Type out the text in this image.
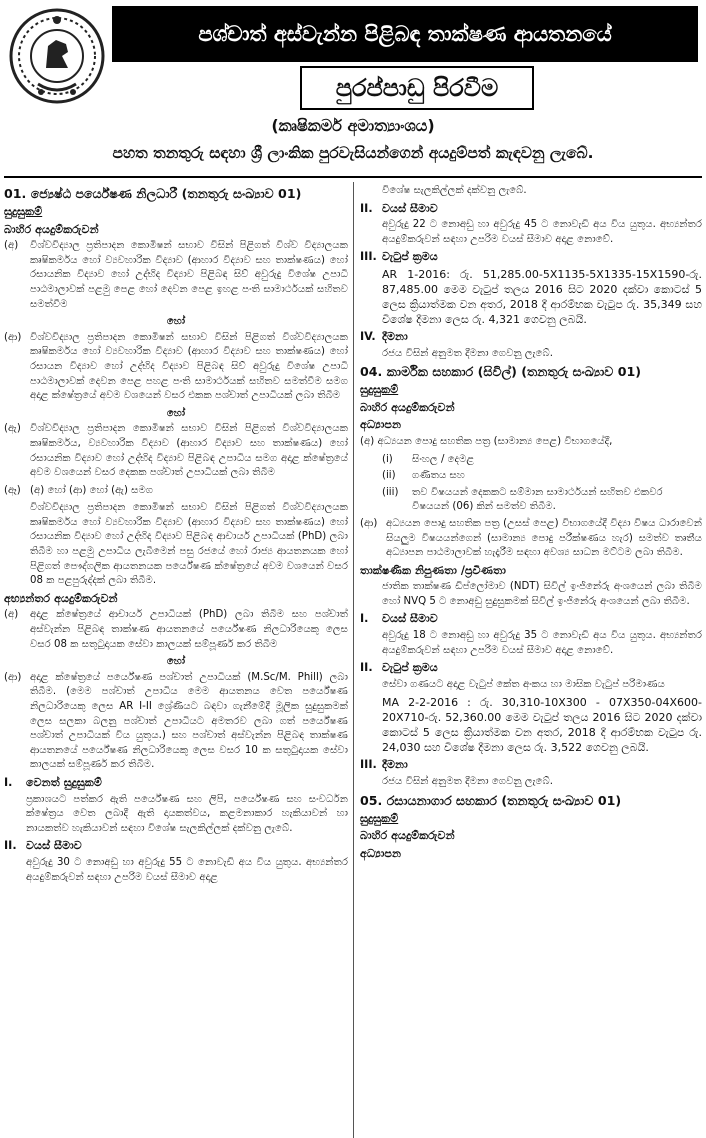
පශ්චාත් අස්වැන්න පිළිබඳ තාක්ෂණ ආයතනයේ
පුරප්පාඩු පිරවීම
(කෘෂිකර්ම අමාත්‍යාංශය)
පහත තනතුරු සඳහා ශ්‍රී ලාංකික පුරවැසියන්ගෙන් අයදුම්පත් කැඳවනු ලැබේ.
01. ජ්‍යෙෂ්ඨ පර්යේෂණ නිලධාරී (තනතුරු සංඛ්‍යාව 01)
සුදුසුකම්
බාහිර අයදුම්කරුවන්
(අ)	විශ්වවිද්‍යාල ප්‍රතිපාදන කොමිෂන් සභාව විසින් පිළිගත් විශ්ව විද්‍යාලයක කෘෂිකර්මය හෝ ව්‍යවහාරික විද්‍යාව (ආහාර විද්‍යාව සහ තාක්ෂණය) හෝ රසායනික විද්‍යාව හෝ උද්භිද විද්‍යාව පිළිබඳ සිව් අවුරුදු විශේෂ උපාධි පාඨමාලාවක් පළමු පෙළ හෝ දෙවන පෙළ ඉහළ පංති සාමාර්ථයක් සහිතව සමත්වීම
හෝ
(ආ) විශ්වවිද්‍යාල ප්‍රතිපාදන කොමිෂන් සභාව විසින් පිළිගත් විශ්වවිද්‍යාලයක කෘෂිකර්මය හෝ ව්‍යවහාරික විද්‍යාව (ආහාර විද්‍යාව සහ තාක්ෂණය) හෝ රසායන විද්‍යාව හෝ උද්භිද විද්‍යාව පිළිබඳ සිව් අවුරුදු විශේෂ උපාධි පාඨමාලාවක් දෙවන පෙළ පහළ පංති සාමාර්ථයක් සහිතව සමත්වීම සමග අදාළ ක්ෂේත්‍රයේ අවම වශයෙන් වසර එකක පශ්චාත් උපාධියක් ලබා තිබීම
හෝ
(ඇ) විශ්වවිද්‍යාල ප්‍රතිපාදන කොමිෂන් සභාව විසින් පිළිගත් විශ්වවිද්‍යාලයක කෘෂිකර්මය, ව්‍යවහාරික විද්‍යාව (ආහාර විද්‍යාව සහ තාක්ෂණය) හෝ රසායනික විද්‍යාව හෝ උද්භිද විද්‍යාව පිළිබඳ උපාධිය සමග අදාළ ක්ෂේත්‍රයේ අවම වශයෙන් වසර දෙකක පශ්චාත් උපාධියක් ලබා තිබීම
(ඈ) (අ) හෝ (ආ) හෝ (ඇ) සමග
විශ්වවිද්‍යාල ප්‍රතිපාදන කොමිෂන් සභාව විසින් පිළිගත් විශ්වවිද්‍යාලයක කෘෂිකර්මය හෝ ව්‍යවහාරික විද්‍යාව (ආහාර විද්‍යාව සහ තාක්ෂණය) හෝ රසායනික විද්‍යාව හෝ උද්භිද විද්‍යාව පිළිබඳ ආචාර්ය උපාධියක් (PhD) ලබා තිබීම හා පළමු උපාධිය ලැබීමෙන් පසු රජයේ හෝ රාජ්‍ය ආයතනයක හෝ පිළිගත් පෞද්ගලික ආයතනයක පර්යේෂණ ක්ෂේත්‍රයේ අවම වශයෙන් වසර 08 ක පළපුරුද්දක් ලබා තිබීම.
අභ්‍යන්තර අයදුම්කරුවන්
(අ)	අදාළ ක්ෂේත්‍රයේ ආචාර්ය උපාධියක් (PhD) ලබා තිබීම සහ පශ්චාත් අස්වැන්න පිළිබඳ තාක්ෂණ ආයතනයේ පර්යේෂණ නිලධාරියෙකු ලෙස වසර 08 ක සතුටුදායක සේවා කාලයක් සම්පූර්ණ කර තිබීම
හෝ
(ආ) අදාළ ක්ෂේත්‍රයේ පර්යේෂණ පශ්චාත් උපාධියක් (M.Sc/M. Phill) ලබා තිබීම. (මෙම පශ්චාත් උපාධිය මෙම ආයතනය වෙත පර්යේෂණ නිලධාරියෙකු ලෙස AR I-II ශ්‍රේණියට බඳවා ගැනීමේදී මූලික සුදුසුකමක් ලෙස සලකා බලනු පශ්චාත් උපාධියට අමතරව ලබා ගත් පර්යේෂණ පශ්චාත් උපාධියක් විය යුතුය.) සහ පශ්චාත් අස්වැන්න පිළිබඳ තාක්ෂණ ආයතනයේ පර්යේෂණ නිලධාරියෙකු ලෙස වසර 10 ක සතුටුදායක සේවා කාලයක් සම්පූර්ණ කර තිබීම.
I.	වෙනත් සුදුසුකම්
ප්‍රකාශයට පත්කර ඇති පර්යේෂණ සහ ලිපි, පර්යේෂණ සහ සංවර්ධන ක්ෂේත්‍රය වෙත ලබාදී ඇති දායකත්වය, කළමනාකාර හැකියාවන් හා නායකත්ව හැකියාවන් සඳහා විශේෂ සැලකිල්ලක් දක්වනු ලැබේ.
II. වයස් සීමාව
අවුරුදු 30 ට නොඅඩු හා අවුරුදු 55 ට නොවැඩි අය විය යුතුය. අභ්‍යන්තර අයදුම්කරුවන් සඳහා උපරිම වයස් සීමාව අදාළ
විශේෂ සැලකිල්ලක් දක්වනු ලැබේ.
II. වයස් සීමාව
අවුරුදු 22 ට නොඅඩු හා අවුරුදු 45 ට නොවැඩි අය විය යුතුය. අභ්‍යන්තර අයදුම්කරුවන් සඳහා උපරිම වයස් සීමාව අදාළ නොවේ.
III. වැටුප් ක්‍රමය
AR 1-2016: රු. 51,285.00-5X1135-5X1335-15X1590-රු. 87,485.00 මෙම වැටුප් තලය 2016 සිට 2020 දක්වා කොටස් 5 ලෙස ක්‍රියාත්මක වන අතර, 2018 දී ආරම්භක වැටුප රු. 35,349 සහ විශේෂ දීමනා ලෙස රු. 4,321 ගෙවනු ලබයි.
IV. දීමනා
රජය විසින් අනුමත දීමනා ගෙවනු ලැබේ.
04. කාර්මික සහකාර (සිවිල්) (තනතුරු සංඛ්‍යාව 01)
සුදුසුකම්
බාහිර අයදුම්කරුවන්
අධ්‍යාපන
(අ) අධ්‍යයන පොදු සහතික පත්‍ර (සාමාන්‍ය පෙළ) විභාගයේදී,
(i)	සිංහල / දෙමළ
(ii)	ගණිතය සහ
(iii)	තව විෂයයන් දෙකකට සම්මාන සාමාර්ථයන් සහිතව එකවර විෂයයන් (06) කින් සමත්ව තිබීම.
(ආ) අධ්‍යයන පොදු සහතික පත්‍ර (උසස් පෙළ) විභාගයේදී විද්‍යා විෂය ධාරාවෙන් සියලුම විෂයයන්ගෙන් (සාමාන්‍ය පොදු පරීක්ෂණය හැර) සමත්ව තෘතීය අධ්‍යාපන පාඨමාලාවක් හැදෑරීම සඳහා අවශ්‍ය සාධන මට්ටම ලබා තිබීම.
තාක්ෂණික නිපුණතා /ප්‍රවීණතා
ජාතික තාක්ෂණ ඩිප්ලෝමාව (NDT) සිවිල් ඉංජිනේරු අංශයෙන් ලබා තිබීම හෝ NVQ 5 ට නොඅඩු සුදුසුකමක් සිවිල් ඉංජිනේරු අංශයෙන් ලබා තිබීම.
I.	වයස් සීමාව
අවුරුදු 18 ට නොඅඩු හා අවුරුදු 35 ට නොවැඩි අය විය යුතුය. අභ්‍යන්තර අයදුම්කරුවන් සඳහා උපරිම වයස් සීමාව අදාළ නොවේ.
II. වැටුප් ක්‍රමය
සේවා ගණයට අදාළ වැටුප් කේත අංකය හා මාසික වැටුප් පරිමාණය
MA 2-2-2016 : රු. 30,310-10X300 - 07X350-04X600-20X710-රු. 52,360.00 මෙම වැටුප් තලය 2016 සිට 2020 දක්වා කොටස් 5 ලෙස ක්‍රියාත්මක වන අතර, 2018 දී ආරම්භක වැටුප රු. 24,030 සහ විශේෂ දීමනා ලෙස රු. 3,522 ගෙවනු ලබයි.
III. දීමනා
රජය විසින් අනුමත දීමනා ගෙවනු ලැබේ.
05. රසායනාගාර සහකාර (තනතුරු සංඛ්‍යාව 01)
සුදුසුකම්
බාහිර අයදුම්කරුවන්
අධ්‍යාපන
